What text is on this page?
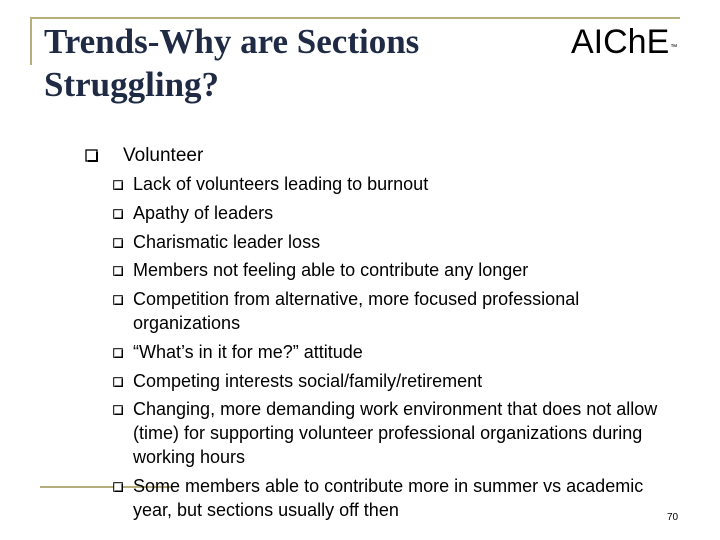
Trends-Why are Sections
Struggling?
AIChE™
Volunteer
Lack of volunteers leading to burnout
Apathy of leaders
Charismatic leader loss
Members not feeling able to contribute any longer
Competition from alternative, more focused professional organizations
“What’s in it for me?” attitude
Competing interests social/family/retirement
Changing, more demanding work environment that does not allow (time) for supporting volunteer professional organizations during working hours
Some members able to contribute more in summer vs academic year, but sections usually off then	70
